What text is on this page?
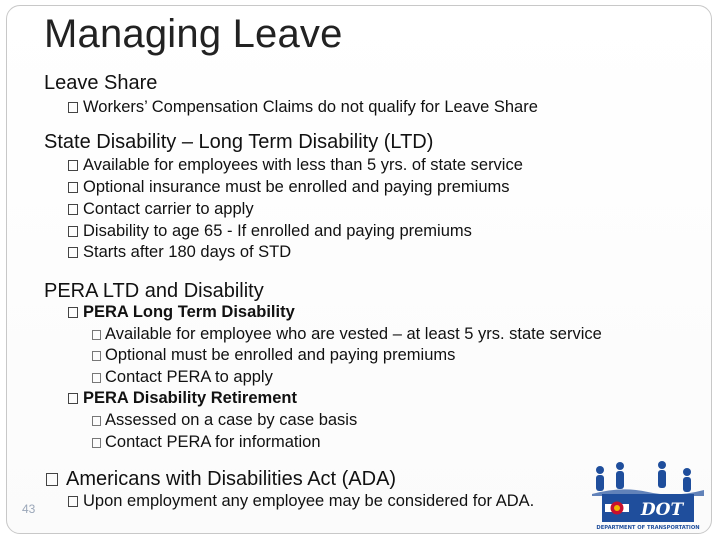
Managing Leave
Leave Share
Workers’ Compensation Claims do not qualify for Leave Share
State Disability – Long Term Disability (LTD)
Available for employees with less than 5 yrs. of state service
Optional insurance must be enrolled and paying premiums
Contact carrier to apply
Disability to age 65 - If enrolled and paying premiums
Starts after 180 days of STD
PERA LTD and Disability
PERA Long Term Disability
Available for employee who are vested – at least 5 yrs. state service
Optional must be enrolled and paying premiums
Contact PERA to apply
PERA Disability Retirement
Assessed on a case by case basis
Contact PERA for information
Americans with Disabilities Act (ADA)
Upon employment any employee may be considered for ADA.
43	DOT
DEPARTMENT OF TRANSPORTATION
